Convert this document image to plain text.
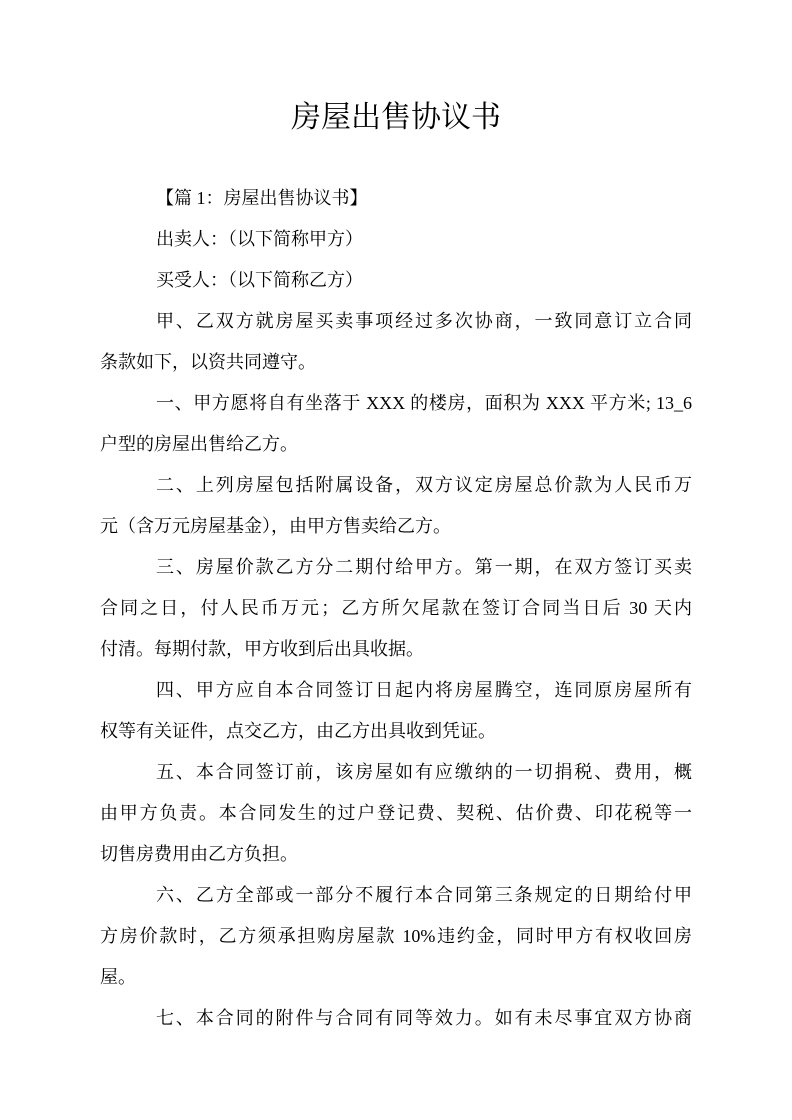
房屋出售协议书
【篇 1：房屋出售协议书】
出卖人：（以下简称甲方）
买受人：（以下简称乙方）
甲、乙双方就房屋买卖事项经过多次协商，一致同意订立合同
条款如下，以资共同遵守。
一、甲方愿将自有坐落于 XXX 的楼房，面积为 XXX 平方米; 13_6
户型的房屋出售给乙方。
二、上列房屋包括附属设备，双方议定房屋总价款为人民币万
元（含万元房屋基金），由甲方售卖给乙方。
三、房屋价款乙方分二期付给甲方。第一期，在双方签订买卖
合同之日，付人民币万元；乙方所欠尾款在签订合同当日后 30 天内
付清。每期付款，甲方收到后出具收据。
四、甲方应自本合同签订日起内将房屋腾空，连同原房屋所有
权等有关证件，点交乙方，由乙方出具收到凭证。
五、本合同签订前，该房屋如有应缴纳的一切捐税、费用，概
由甲方负责。本合同发生的过户登记费、契税、估价费、印花税等一
切售房费用由乙方负担。
六、乙方全部或一部分不履行本合同第三条规定的日期给付甲
方房价款时，乙方须承担购房屋款 10%违约金，同时甲方有权收回房
屋。
七、本合同的附件与合同有同等效力。如有未尽事宜双方协商
